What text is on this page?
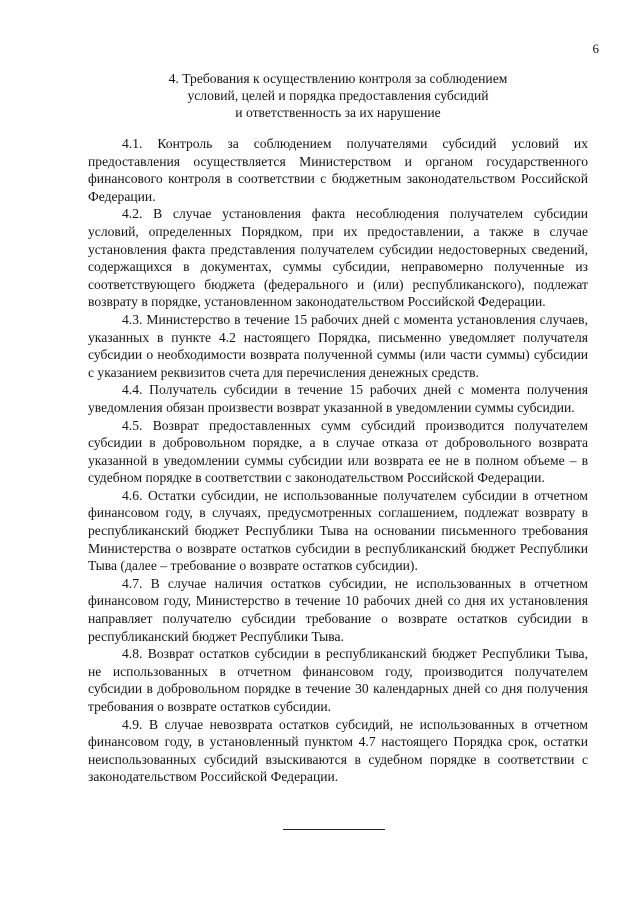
6
4. Требования к осуществлению контроля за соблюдением
условий, целей и порядка предоставления субсидий
и ответственность за их нарушение

4.1. Контроль за соблюдением получателями субсидий условий их предоставления осуществляется Министерством и органом государственного финансового контроля в соответствии с бюджетным законодательством Российской Федерации.

4.2. В случае установления факта несоблюдения получателем субсидии условий, определенных Порядком, при их предоставлении, а также в случае установления факта представления получателем субсидии недостоверных сведений, содержащихся в документах, суммы субсидии, неправомерно полученные из соответствующего бюджета (федерального и (или) республиканского), подлежат возврату в порядке, установленном законодательством Российской Федерации.

4.3. Министерство в течение 15 рабочих дней с момента установления случаев, указанных в пункте 4.2 настоящего Порядка, письменно уведомляет получателя субсидии о необходимости возврата полученной суммы (или части суммы) субсидии с указанием реквизитов счета для перечисления денежных средств.

4.4. Получатель субсидии в течение 15 рабочих дней с момента получения уведомления обязан произвести возврат указанной в уведомлении суммы субсидии.

4.5. Возврат предоставленных сумм субсидий производится получателем субсидии в добровольном порядке, а в случае отказа от добровольного возврата указанной в уведомлении суммы субсидии или возврата ее не в полном объеме – в судебном порядке в соответствии с законодательством Российской Федерации.

4.6. Остатки субсидии, не использованные получателем субсидии в отчетном финансовом году, в случаях, предусмотренных соглашением, подлежат возврату в республиканский бюджет Республики Тыва на основании письменного требования Министерства о возврате остатков субсидии в республиканский бюджет Республики Тыва (далее – требование о возврате остатков субсидии).

4.7. В случае наличия остатков субсидии, не использованных в отчетном финансовом году, Министерство в течение 10 рабочих дней со дня их установления направляет получателю субсидии требование о возврате остатков субсидии в республиканский бюджет Республики Тыва.

4.8. Возврат остатков субсидии в республиканский бюджет Республики Тыва, не использованных в отчетном финансовом году, производится получателем субсидии в добровольном порядке в течение 30 календарных дней со дня получения требования о возврате остатков субсидии.

4.9. В случае невозврата остатков субсидий, не использованных в отчетном финансовом году, в установленный пунктом 4.7 настоящего Порядка срок, остатки неиспользованных субсидий взыскиваются в судебном порядке в соответствии с законодательством Российской Федерации.
